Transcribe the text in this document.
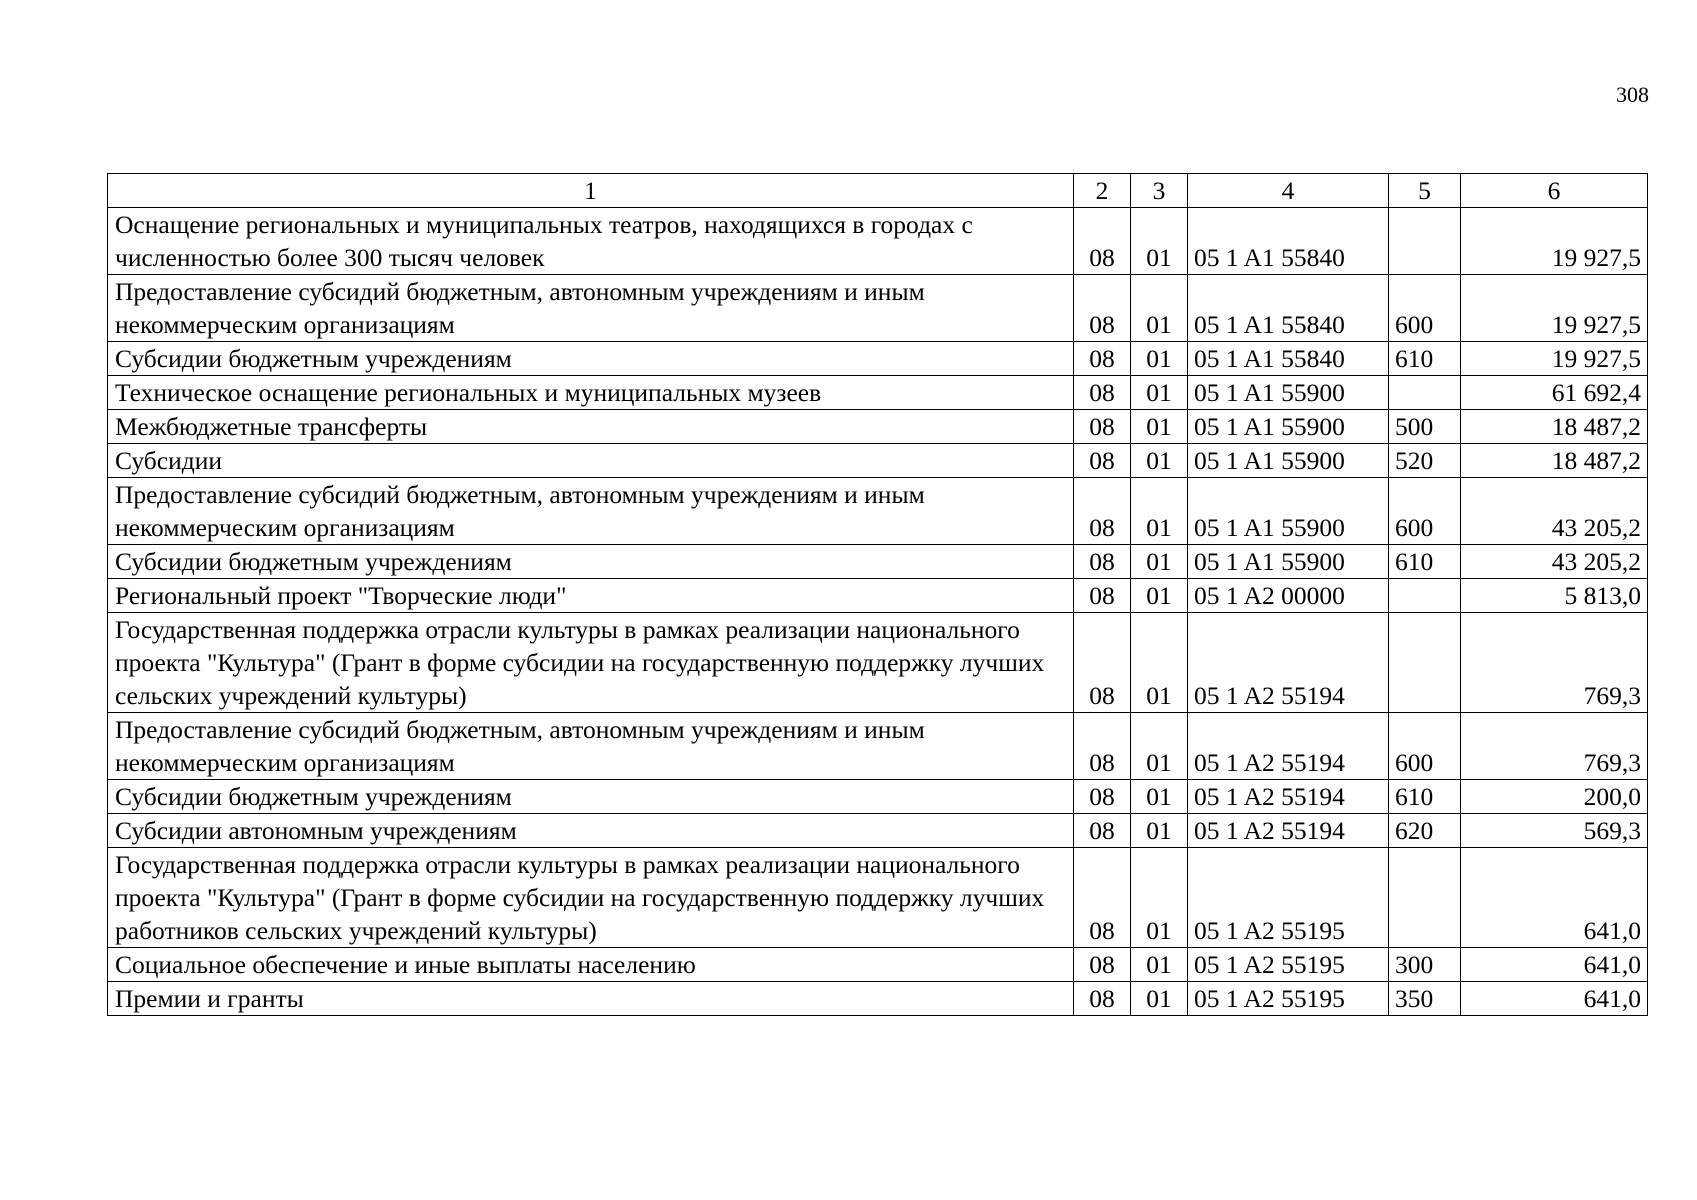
308
1	2	3	4	5	6
Оснащение региональных и муниципальных театров, находящихся в городах с численностью более 300 тысяч человек	08	01	05 1 A1 55840		19 927,5
Предоставление субсидий бюджетным, автономным учреждениям и иным некоммерческим организациям	08	01	05 1 A1 55840	600	19 927,5
Субсидии бюджетным учреждениям	08	01	05 1 A1 55840	610	19 927,5
Техническое оснащение региональных и муниципальных музеев	08	01	05 1 A1 55900		61 692,4
Межбюджетные трансферты	08	01	05 1 A1 55900	500	18 487,2
Субсидии	08	01	05 1 A1 55900	520	18 487,2
Предоставление субсидий бюджетным, автономным учреждениям и иным некоммерческим организациям	08	01	05 1 A1 55900	600	43 205,2
Субсидии бюджетным учреждениям	08	01	05 1 A1 55900	610	43 205,2
Региональный проект "Творческие люди"	08	01	05 1 A2 00000		5 813,0
Государственная поддержка отрасли культуры в рамках реализации национального проекта "Культура" (Грант в форме субсидии на государственную поддержку лучших сельских учреждений культуры)	08	01	05 1 A2 55194		769,3
Предоставление субсидий бюджетным, автономным учреждениям и иным некоммерческим организациям	08	01	05 1 A2 55194	600	769,3
Субсидии бюджетным учреждениям	08	01	05 1 A2 55194	610	200,0
Субсидии автономным учреждениям	08	01	05 1 A2 55194	620	569,3
Государственная поддержка отрасли культуры в рамках реализации национального проекта "Культура" (Грант в форме субсидии на государственную поддержку лучших работников сельских учреждений культуры)	08	01	05 1 A2 55195		641,0
Социальное обеспечение и иные выплаты населению	08	01	05 1 A2 55195	300	641,0
Премии и гранты	08	01	05 1 A2 55195	350	641,0
